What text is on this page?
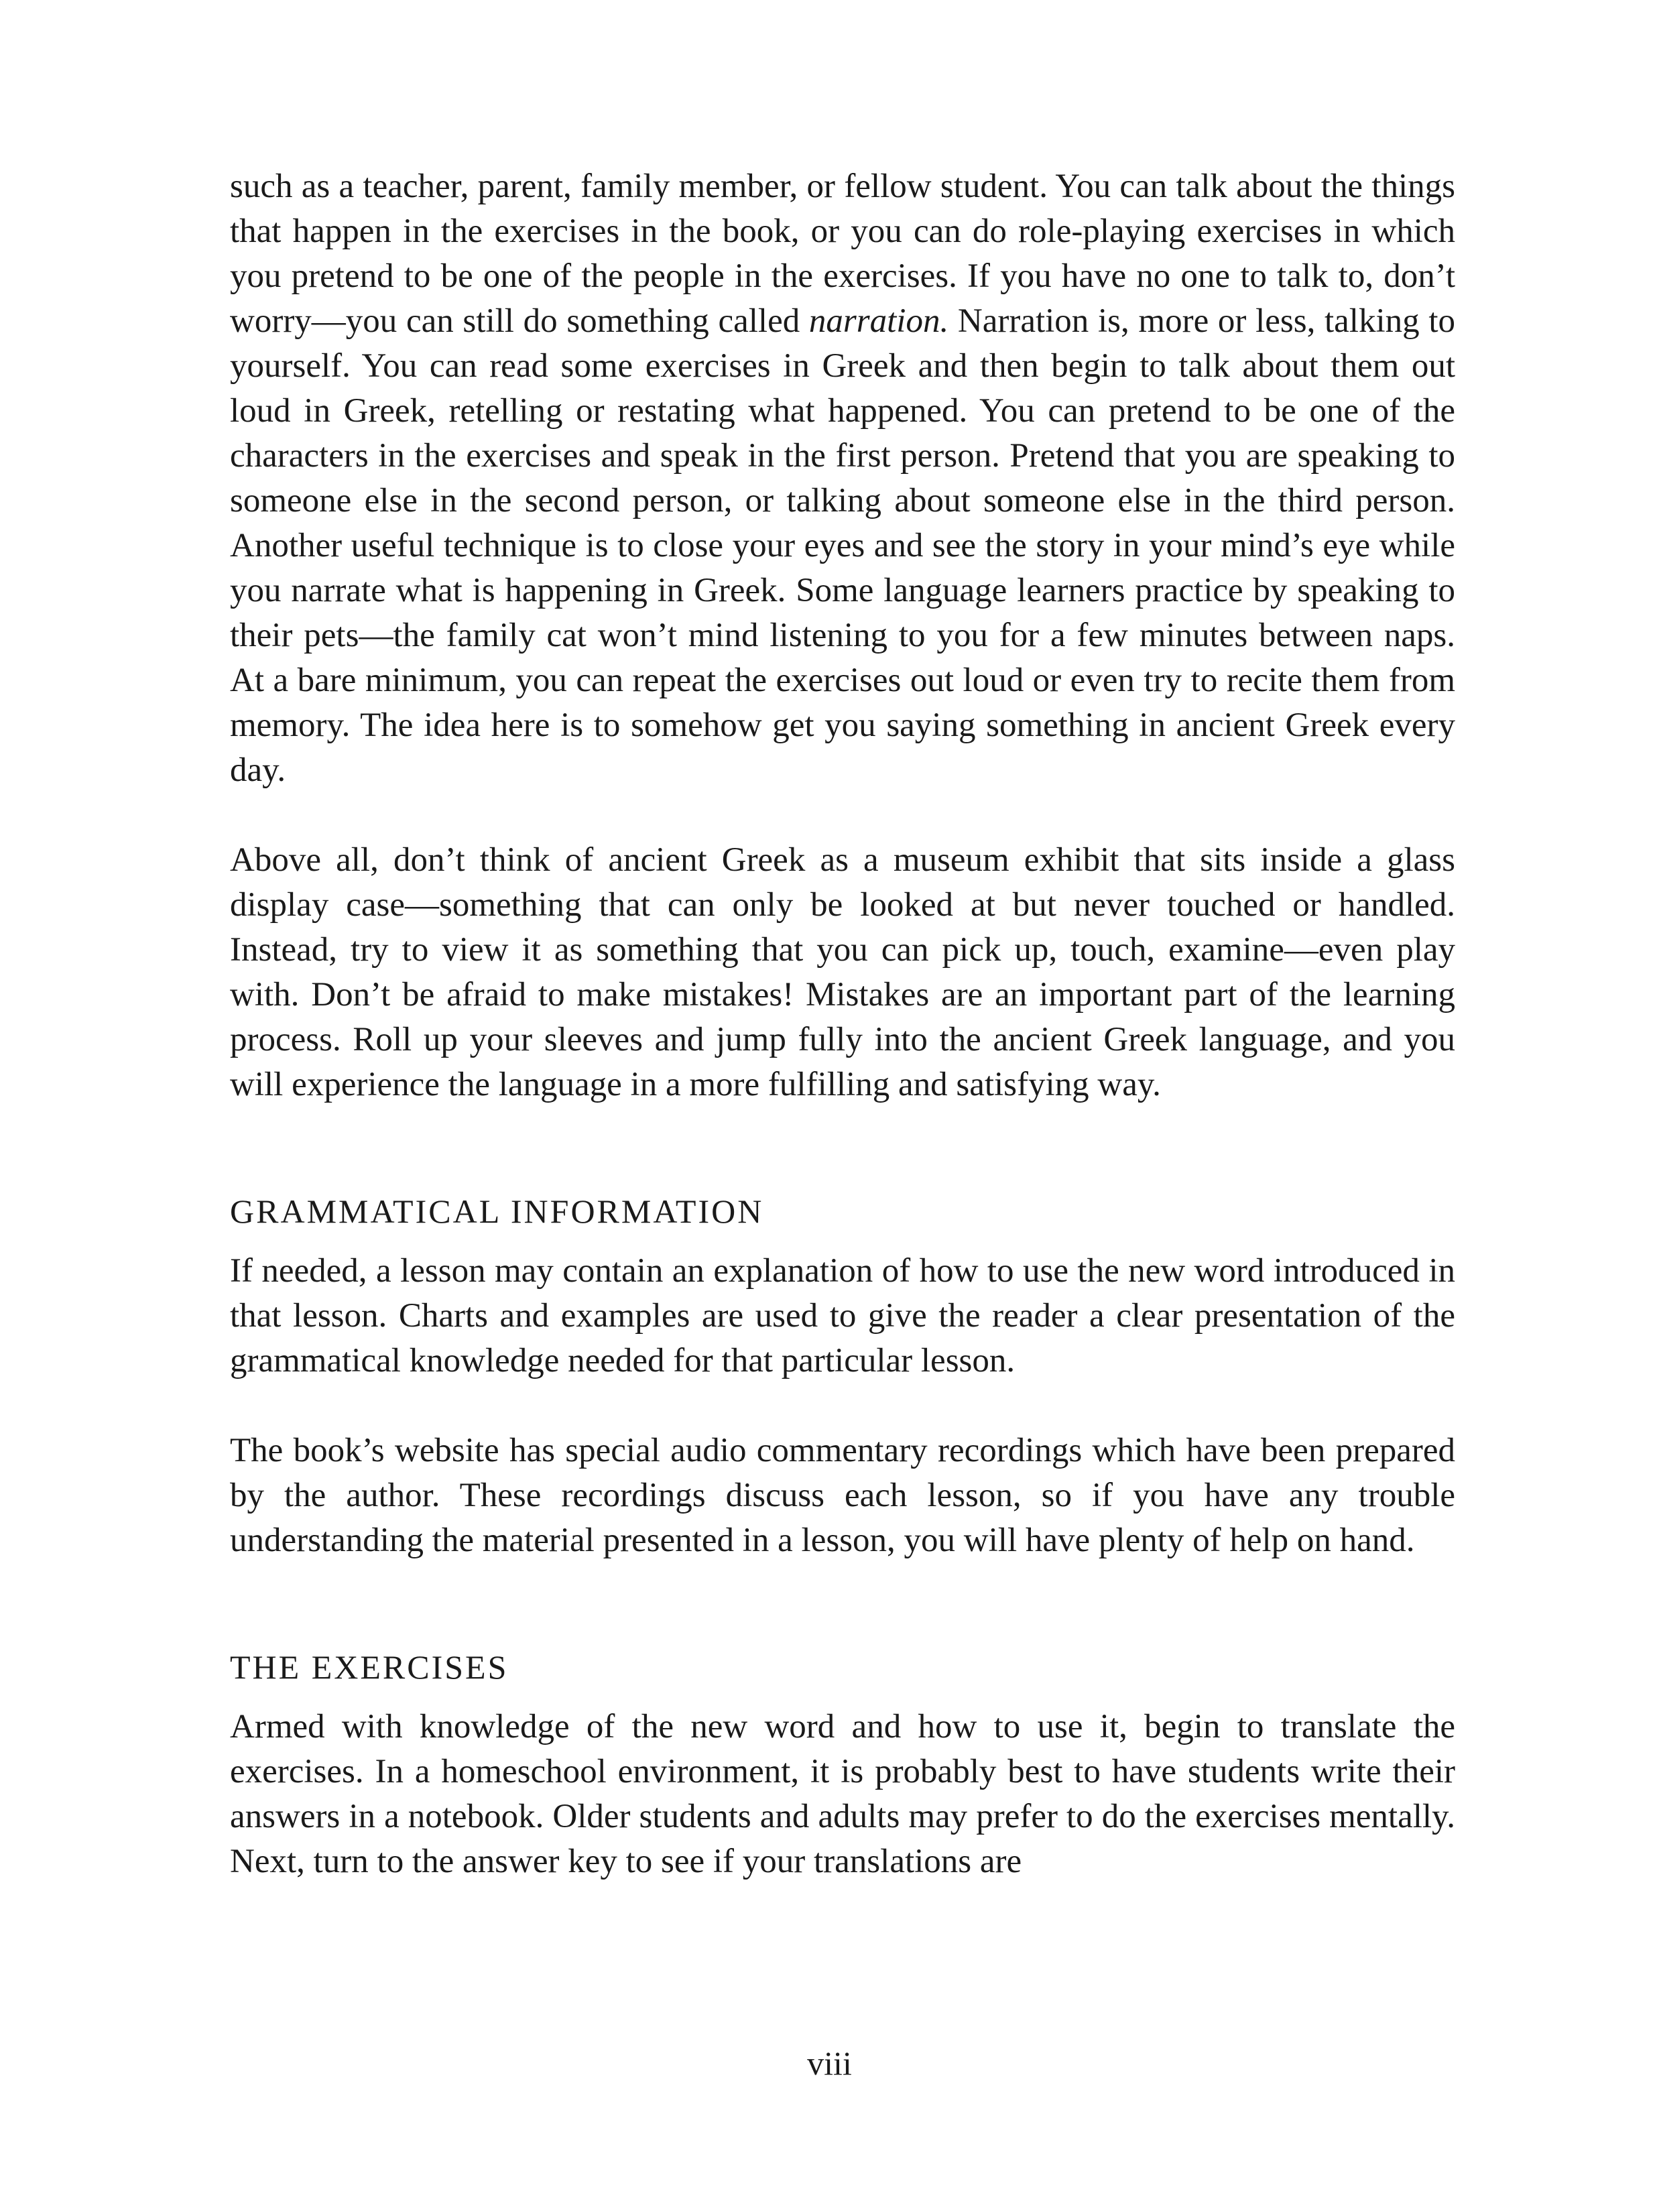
such as a teacher, parent, family member, or fellow student. You can talk about the things that happen in the exercises in the book, or you can do role-playing exercises in which you pretend to be one of the people in the exercises. If you have no one to talk to, don’t worry—you can still do something called narration. Narration is, more or less, talking to yourself. You can read some exercises in Greek and then begin to talk about them out loud in Greek, retelling or restating what happened. You can pretend to be one of the characters in the exercises and speak in the first person. Pretend that you are speaking to someone else in the second person, or talking about someone else in the third person. Another useful technique is to close your eyes and see the story in your mind’s eye while you narrate what is happening in Greek. Some language learners practice by speaking to their pets—the family cat won’t mind listening to you for a few minutes between naps. At a bare minimum, you can repeat the exercises out loud or even try to recite them from memory. The idea here is to somehow get you saying something in ancient Greek every day.

Above all, don’t think of ancient Greek as a museum exhibit that sits inside a glass display case—something that can only be looked at but never touched or handled. Instead, try to view it as something that you can pick up, touch, examine—even play with. Don’t be afraid to make mistakes! Mistakes are an important part of the learning process. Roll up your sleeves and jump fully into the ancient Greek language, and you will experience the language in a more fulfilling and satisfying way.

GRAMMATICAL INFORMATION

If needed, a lesson may contain an explanation of how to use the new word introduced in that lesson. Charts and examples are used to give the reader a clear presentation of the grammatical knowledge needed for that particular lesson.

The book’s website has special audio commentary recordings which have been prepared by the author. These recordings discuss each lesson, so if you have any trouble understanding the material presented in a lesson, you will have plenty of help on hand.

THE EXERCISES

Armed with knowledge of the new word and how to use it, begin to translate the exercises. In a homeschool environment, it is probably best to have students write their answers in a notebook. Older students and adults may prefer to do the exercises mentally. Next, turn to the answer key to see if your translations are

viii
